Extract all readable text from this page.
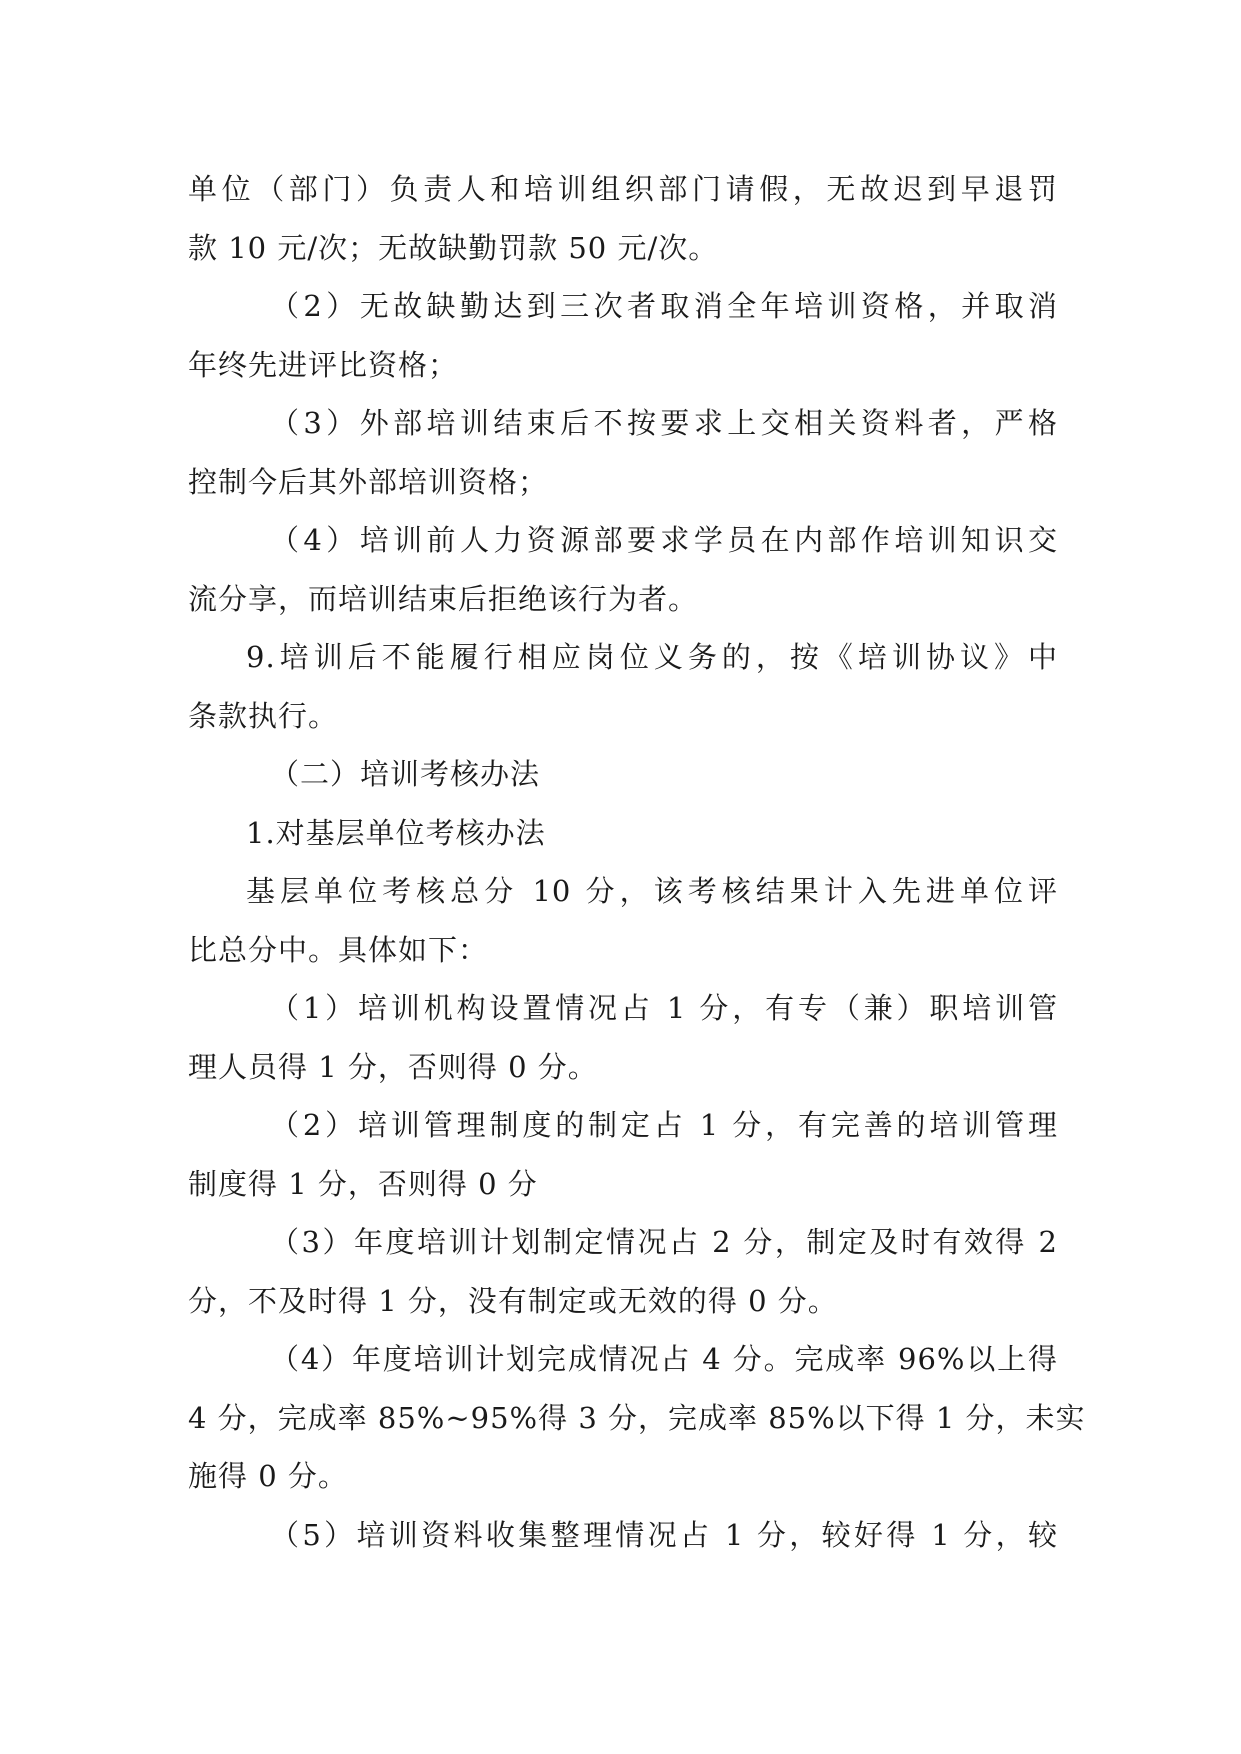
单位（部门）负责人和培训组织部门请假，无故迟到早退罚
款 10 元/次；无故缺勤罚款 50 元/次。
（2）无故缺勤达到三次者取消全年培训资格，并取消
年终先进评比资格；
（3）外部培训结束后不按要求上交相关资料者，严格
控制今后其外部培训资格；
（4）培训前人力资源部要求学员在内部作培训知识交
流分享，而培训结束后拒绝该行为者。
9.培训后不能履行相应岗位义务的，按《培训协议》中
条款执行。
（二）培训考核办法
1.对基层单位考核办法
基层单位考核总分 10 分，该考核结果计入先进单位评
比总分中。具体如下：
（1）培训机构设置情况占 1 分，有专（兼）职培训管
理人员得 1 分，否则得 0 分。
（2）培训管理制度的制定占 1 分，有完善的培训管理
制度得 1 分，否则得 0 分
（3）年度培训计划制定情况占 2 分，制定及时有效得 2
分，不及时得 1 分，没有制定或无效的得 0 分。
（4）年度培训计划完成情况占 4 分。完成率 96%以上得
4 分，完成率 85%~95%得 3 分，完成率 85%以下得 1 分，未实
施得 0 分。
（5）培训资料收集整理情况占 1 分，较好得 1 分，较
